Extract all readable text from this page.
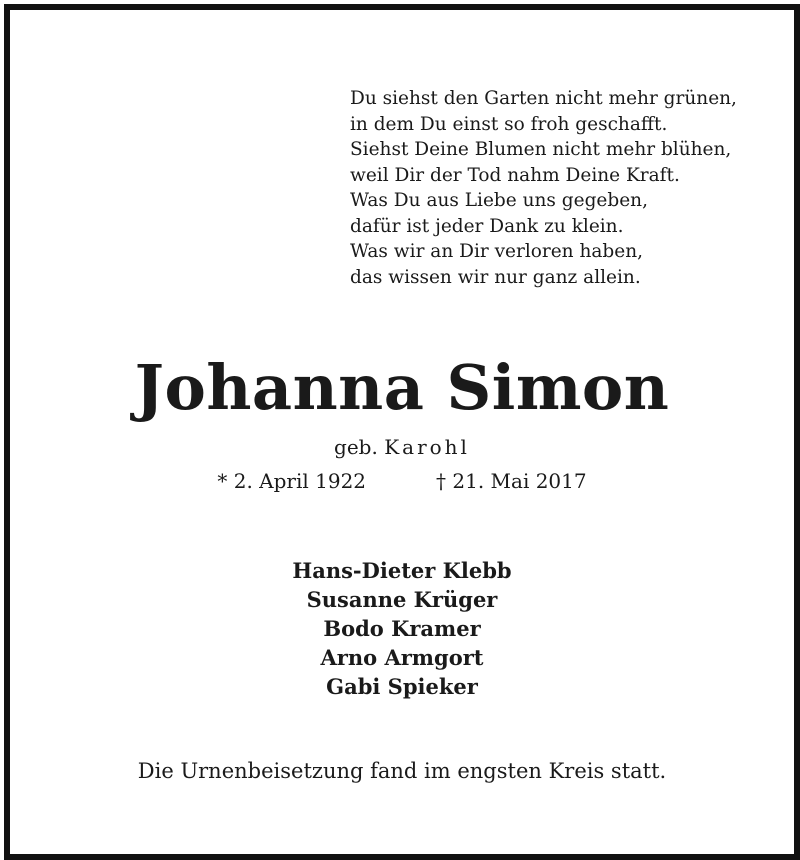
Du siehst den Garten nicht mehr grünen,
in dem Du einst so froh geschafft.
Siehst Deine Blumen nicht mehr blühen,
weil Dir der Tod nahm Deine Kraft.
Was Du aus Liebe uns gegeben,
dafür ist jeder Dank zu klein.
Was wir an Dir verloren haben,
das wissen wir nur ganz allein.
Johanna Simon
geb. Karohl
* 2. April 1922	† 21. Mai 2017
Hans-Dieter Klebb
Susanne Krüger
Bodo Kramer
Arno Armgort
Gabi Spieker
Die Urnenbeisetzung fand im engsten Kreis statt.
